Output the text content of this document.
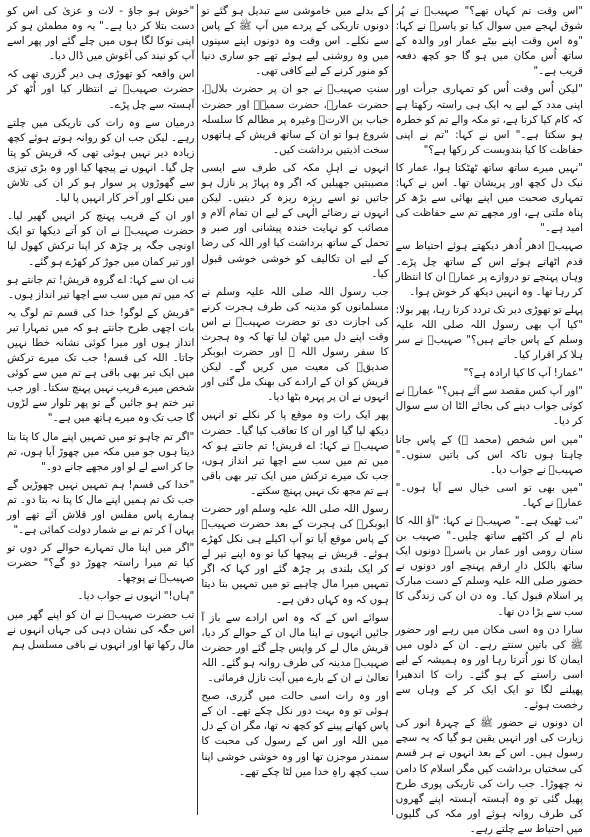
"اس وقت تم کہاں تھے؟" صہیبؓ نے پُر شوق لہجے میں سوال کیا تو یاسرؓ نے کہا: "وہ اس وقت اپنے بیٹے عمار اور والدہ کے ساتھ اُس مکان میں ہو گا جو کچھ دفعہ قریب ہے۔"

"لیکن اُس وقت اُس کو تمہاری جرأت اور اپنی مدد کے لیے یہ ایک ہی راستہ رکھتا ہے کہ کام کیا کرتا ہے، تو مکہ والے تم کو خطرہ ہو سکتا ہے۔" اس نے کہا: "تم نے اپنی حفاظت کا کیا بندوبست کر رکھا ہے؟"

"نہیں میرے ساتھ ساتھ ٹھٹکتا ہوا، عمار کا نیک دل کچھ اور پریشان تھا۔ اس نے کہا: تمہاری صحبت میں اپنے بھائی سے بڑھ کر پناہ ملتی ہے، اور مجھے تم سے حفاظت کی امید ہے۔"

صہیبؓ ادھر اُدھر دیکھتے ہوئے احتیاط سے قدم اٹھاتے ہوئے اس کے ساتھ چل پڑے۔ وہاں پہنچے تو دروازے پر عمارؓ ان کا انتظار کر رہا تھا۔ وہ انہیں دیکھ کر خوش ہوا۔

پہلے تو تھوڑی دیر تک تردد کرتا رہا، پھر بولا: "کیا آپ بھی رسول اللہ صلی اللہ علیہ وسلم کے پاس جاتے ہیں؟" صہیبؓ نے سر ہلا کر اقرار کیا۔

"عمار! آپ کا کیا ارادہ ہے؟"

"اور آپ کس مقصد سے آئے ہیں؟" عمارؓ نے کوئی جواب دینے کی بجائے الٹا ان سے سوال کر دیا۔

"میں اس شخص (محمد ﷺ) کے پاس جانا چاہتا ہوں تاکہ اس کی باتیں سنوں۔" صہیبؓ نے جواب دیا۔

"میں بھی تو اسی خیال سے آیا ہوں۔" عمارؓ نے کہا۔

"تب ٹھیک ہے۔" صہیبؓ نے کہا: "آؤ اللہ کا نام لے کر اکٹھے ساتھ چلیں۔" صہیب بن سنان رومی اور عمار بن یاسرؓ دونوں ایک ساتھ بالکل دارِ ارقم پہنچے اور دونوں نے حضور صلی اللہ علیہ وسلم کے دست مبارک پر اسلام قبول کیا۔ وہ دن ان کی زندگی کا سب سے بڑا دن تھا۔

سارا دن وہ اسی مکان میں رہے اور حضور ﷺ کی باتیں سنتے رہے۔ ان کے دلوں میں ایمان کا نور اُترتا رہا اور وہ ہمیشہ کے لیے اسی راستے کے ہو گئے۔ رات کا اندھیرا پھیلنے لگا تو ایک ایک کر کے وہاں سے رخصت ہوئے۔

ان دونوں نے حضور ﷺ کے چہرۂ انور کی زیارت کی اور انہیں یقین ہو گیا کہ یہ سچے رسول ہیں۔ اس کے بعد انہوں نے ہر قسم کی سختیاں برداشت کیں مگر اسلام کا دامن نہ چھوڑا۔ جب رات کی تاریکی پوری طرح پھیل گئی تو وہ آہستہ آہستہ اپنے گھروں کی طرف روانہ ہوئے اور مکہ کی گلیوں میں احتیاط سے چلتے رہے۔

کے بدلے میں خاموشی سے تبدیل ہو گئے تو دونوں تاریکی کے پردے میں آپ ﷺ کے پاس سے نکلے۔ اس وقت وہ دونوں اپنے سینوں میں وہ روشنی لیے ہوئے تھے جو ساری دنیا کو منور کرنے کے لیے کافی تھی۔

سنتِ صہیبؓ نے جو ان پر حضرت بلالؓ، حضرت عمارؓ، حضرت سمیہؓ اور حضرت خباب بن الارتؓ وغیرہ پر مظالم کا سلسلہ شروع ہوا تو ان کے ساتھ قریش کے ہاتھوں سخت اذیتیں برداشت کیں۔

انہوں نے اہلِ مکہ کی طرف سے ایسی مصیبتیں جھیلیں کہ اگر وہ پہاڑ پر نازل ہو جاتیں تو اسے ریزہ ریزہ کر دیتیں۔ لیکن انہوں نے رضائے الٰہی کے لیے ان تمام آلام و مصائب کو نہایت خندہ پیشانی اور صبر و تحمل کے ساتھ برداشت کیا اور اللہ کی رضا کے لیے ان تکالیف کو خوشی خوشی قبول کیا۔

جب رسول اللہ صلی اللہ علیہ وسلم نے مسلمانوں کو مدینہ کی طرف ہجرت کرنے کی اجازت دی تو حضرت صہیبؓ نے اس وقت اپنے دل میں ٹھان لیا تھا کہ وہ ہجرت کا سفر رسول اللہ ﷺ اور حضرت ابوبکر صدیقؓ کی معیت میں کریں گے۔ لیکن قریش کو ان کے ارادے کی بھنک مل گئی اور انہوں نے ان پر پہرہ بٹھا دیا۔

پھر ایک رات وہ موقع پا کر نکلے تو انہیں دیکھ لیا گیا اور ان کا تعاقب کیا گیا۔ حضرت صہیبؓ نے کہا: اے قریش! تم جانتے ہو کہ میں تم میں سب سے اچھا تیر انداز ہوں، جب تک میرے ترکش میں ایک تیر بھی باقی ہے تم مجھ تک نہیں پہنچ سکتے۔

رسول اللہ صلی اللہ علیہ وسلم اور حضرت ابوبکرؓ کی ہجرت کے بعد حضرت صہیبؓ کے پاس موقع آیا تو آپ اکیلے ہی نکل کھڑے ہوئے۔ قریش نے پیچھا کیا تو وہ اپنے تیر لے کر ایک بلندی پر چڑھ گئے اور کہا کہ اگر تمہیں میرا مال چاہیے تو میں تمہیں بتا دیتا ہوں کہ وہ کہاں دفن ہے۔

سوائے اس کے کہ وہ اس ارادے سے باز آ جائیں انہوں نے اپنا مال ان کے حوالے کر دیا، قریش مال لے کر واپس چلے گئے اور حضرت صہیبؓ مدینہ کی طرف روانہ ہو گئے۔ اللہ تعالیٰ نے ان کے بارے میں آیت نازل فرمائی۔

اور وہ رات اسی حالت میں گزری، صبح ہوئی تو وہ بہت دور نکل چکے تھے۔ ان کے پاس کھانے پینے کو کچھ نہ تھا، مگر ان کے دل میں اللہ اور اس کے رسول کی محبت کا سمندر موجزن تھا اور وہ خوشی خوشی اپنا سب کچھ راہِ خدا میں لٹا چکے تھے۔

"خوش ہو جاؤ - لات و عزیٰ کی اس کو دست بتلا کر دیا ہے۔" یہ وہ مطمئن ہو کر اپنی نوکا لگا ہوں میں چلے گئے اور پھر اسے آپ کو نیند کی آغوش میں ڈال دیا۔

اس واقعہ کو تھوڑی ہی دیر گزری تھی کہ حضرت صہیبؓ نے انتظار کیا اور اُٹھ کر آہستہ سے چل پڑے۔

درمیان سے وہ رات کی تاریکی میں چلتے رہے۔ لیکن جب ان کو روانہ ہوتے ہوئے کچھ زیادہ دیر نہیں ہوئی تھی کہ قریش کو پتا چل گیا۔ انہوں نے پیچھا کیا اور وہ بڑی تیزی سے گھوڑوں پر سوار ہو کر ان کی تلاش میں نکلے اور آخر کار انہیں پا لیا۔

اور ان کے قریب پہنچ کر انہیں گھیر لیا۔ حضرت صہیبؓ نے ان کو آتے دیکھا تو ایک اونچی جگہ پر چڑھ کر اپنا ترکش کھول لیا اور تیر کمان میں جوڑ کر کھڑے ہو گئے۔

تب ان سے کہا: اے گروہ قریش! تم جانتے ہو کہ میں تم میں سب سے اچھا تیر انداز ہوں۔

"قریش کے لوگو! خدا کی قسم تم لوگ یہ بات اچھی طرح جانتے ہو کہ میں تمہارا تیر انداز ہوں اور میرا کوئی نشانہ خطا نہیں جاتا۔ اللہ کی قسم! جب تک میرے ترکش میں ایک تیر بھی باقی ہے تم میں سے کوئی شخص میرے قریب نہیں پہنچ سکتا۔ اور جب تیر ختم ہو جائیں گے تو پھر تلوار سے لڑوں گا جب تک وہ میرے ہاتھ میں ہے۔"

"اگر تم چاہو تو میں تمہیں اپنے مال کا پتا بتا دیتا ہوں جو میں مکہ میں چھوڑ آیا ہوں، تم جا کر اسے لے لو اور مجھے جانے دو۔"

"خدا کی قسم! ہم تمہیں نہیں چھوڑیں گے جب تک تم ہمیں اپنے مال کا پتا نہ بتا دو۔ تم ہمارے پاس مفلس اور قلاش آئے تھے اور یہاں آ کر تم نے بے شمار دولت کمائی ہے۔"

"اگر میں اپنا مال تمہارے حوالے کر دوں تو کیا تم میرا راستہ چھوڑ دو گے؟" حضرت صہیبؓ نے پوچھا۔

"ہاں!" انہوں نے جواب دیا۔

تب حضرت صہیبؓ نے ان کو اپنے گھر میں اس جگہ کی نشان دہی کی جہاں انہوں نے مال رکھا تھا اور انہوں نے باقی مسلسل ہم
